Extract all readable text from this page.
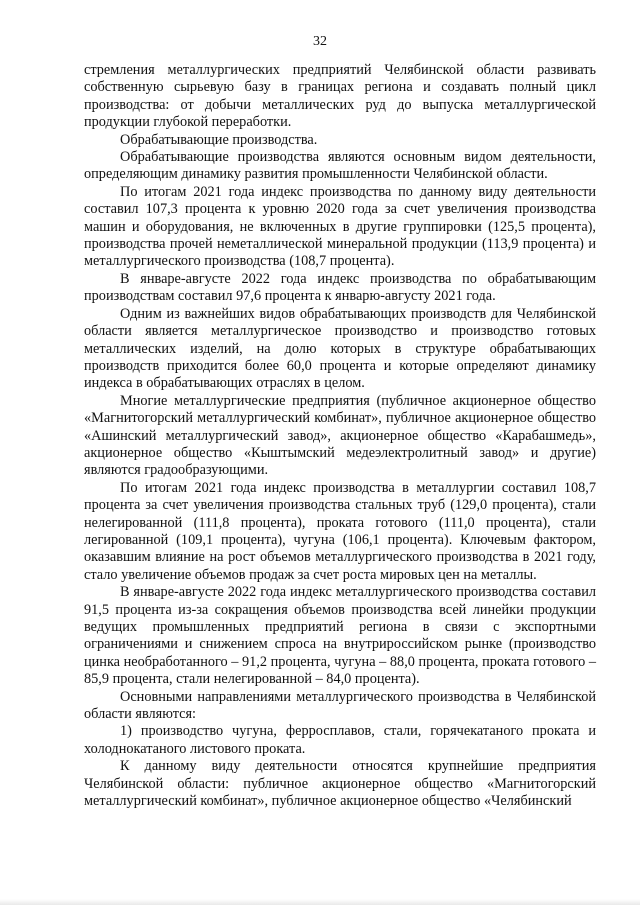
32

стремления металлургических предприятий Челябинской области развивать собственную сырьевую базу в границах региона и создавать полный цикл производства: от добычи металлических руд до выпуска металлургической продукции глубокой переработки.

Обрабатывающие производства.

Обрабатывающие производства являются основным видом деятельности, определяющим динамику развития промышленности Челябинской области.

По итогам 2021 года индекс производства по данному виду деятельности составил 107,3 процента к уровню 2020 года за счет увеличения производства машин и оборудования, не включенных в другие группировки (125,5 процента), производства прочей неметаллической минеральной продукции (113,9 процента) и металлургического производства (108,7 процента).

В январе-августе 2022 года индекс производства по обрабатывающим производствам составил 97,6 процента к январю-августу 2021 года.

Одним из важнейших видов обрабатывающих производств для Челябинской области является металлургическое производство и производство готовых металлических изделий, на долю которых в структуре обрабатывающих производств приходится более 60,0 процента и которые определяют динамику индекса в обрабатывающих отраслях в целом.

Многие металлургические предприятия (публичное акционерное общество «Магнитогорский металлургический комбинат», публичное акционерное общество «Ашинский металлургический завод», акционерное общество «Карабашмедь», акционерное общество «Кыштымский медеэлектролитный завод» и другие) являются градообразующими.

По итогам 2021 года индекс производства в металлургии составил 108,7 процента за счет увеличения производства стальных труб (129,0 процента), стали нелегированной (111,8 процента), проката готового (111,0 процента), стали легированной (109,1 процента), чугуна (106,1 процента). Ключевым фактором, оказавшим влияние на рост объемов металлургического производства в 2021 году, стало увеличение объемов продаж за счет роста мировых цен на металлы.

В январе-августе 2022 года индекс металлургического производства составил 91,5 процента из-за сокращения объемов производства всей линейки продукции ведущих промышленных предприятий региона в связи с экспортными ограничениями и снижением спроса на внутрироссийском рынке (производство цинка необработанного – 91,2 процента, чугуна – 88,0 процента, проката готового – 85,9 процента, стали нелегированной – 84,0 процента).

Основными направлениями металлургического производства в Челябинской области являются:

1) производство чугуна, ферросплавов, стали, горячекатаного проката и холоднокатаного листового проката.

К данному виду деятельности относятся крупнейшие предприятия Челябинской области: публичное акционерное общество «Магнитогорский металлургический комбинат», публичное акционерное общество «Челябинский
